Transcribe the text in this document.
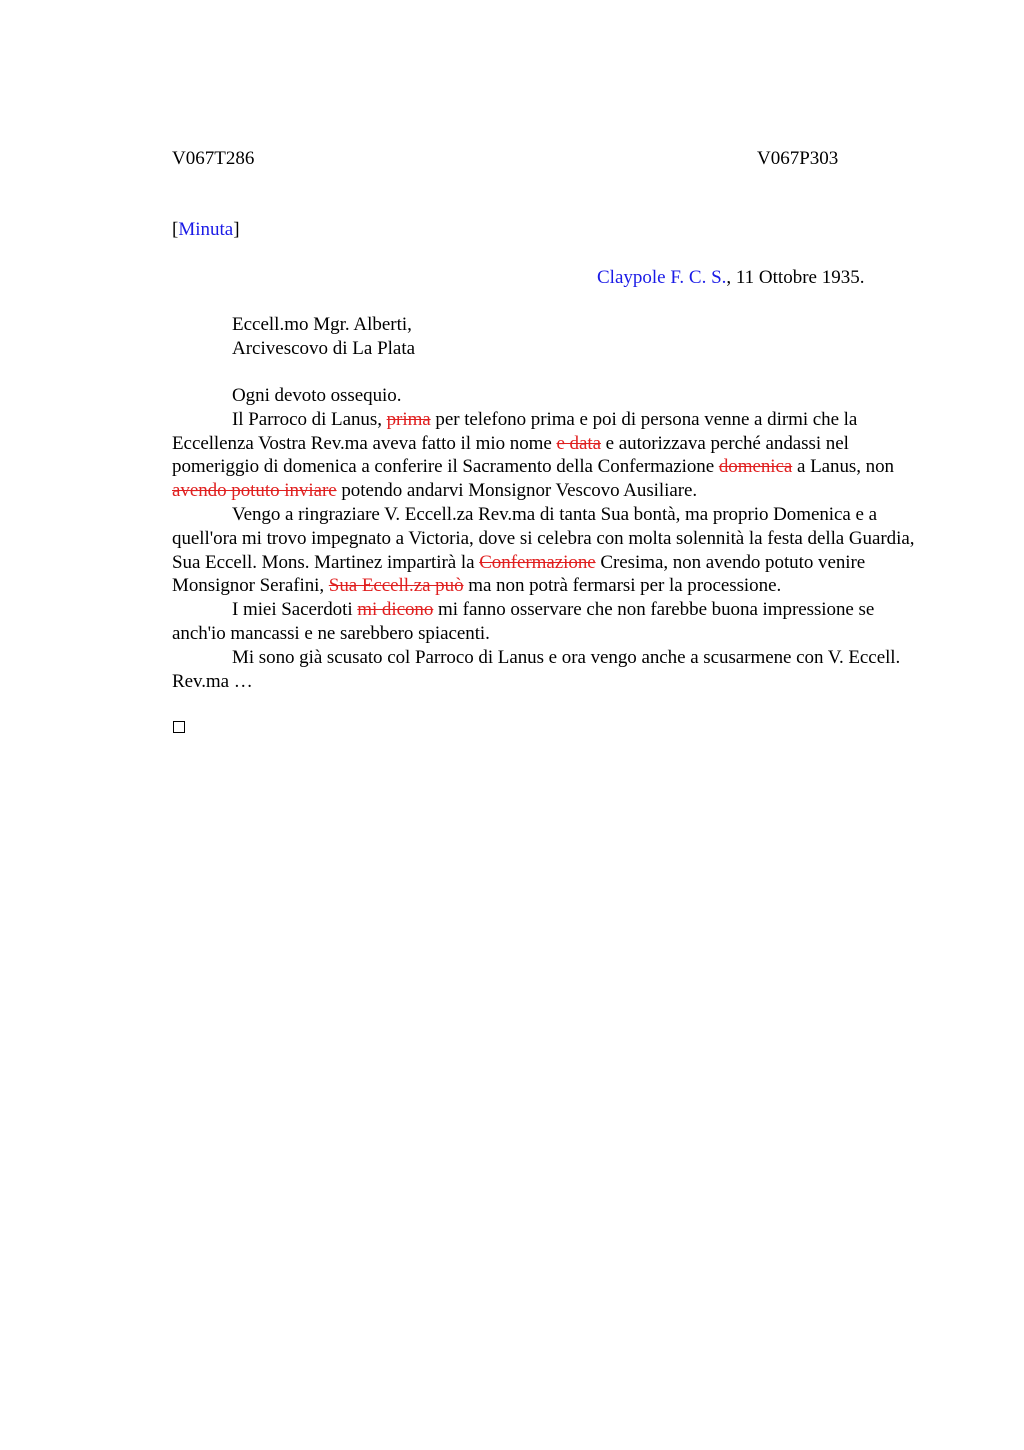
V067T286	V067P303
[Minuta]
Claypole F. C. S., 11 Ottobre 1935.
Eccell.mo Mgr. Alberti,
Arcivescovo di La Plata

Ogni devoto ossequio.

Il Parroco di Lanus, prima per telefono prima e poi di persona venne a dirmi che la Eccellenza Vostra Rev.ma aveva fatto il mio nome e data e autorizzava perché andassi nel pomeriggio di domenica a conferire il Sacramento della Confermazione domenica a Lanus, non avendo potuto inviare potendo andarvi Monsignor Vescovo Ausiliare.

Vengo a ringraziare V. Eccell.za Rev.ma di tanta Sua bontà, ma proprio Domenica e a quell'ora mi trovo impegnato a Victoria, dove si celebra con molta solennità la festa della Guardia, Sua Eccell. Mons. Martinez impartirà la Confermazione Cresima, non avendo potuto venire Monsignor Serafini, Sua Eccell.za può ma non potrà fermarsi per la processione.

I miei Sacerdoti mi dicono mi fanno osservare che non farebbe buona impressione se anch'io mancassi e ne sarebbero spiacenti.

Mi sono già scusato col Parroco di Lanus e ora vengo anche a scusarmene con V. Eccell. Rev.ma …
